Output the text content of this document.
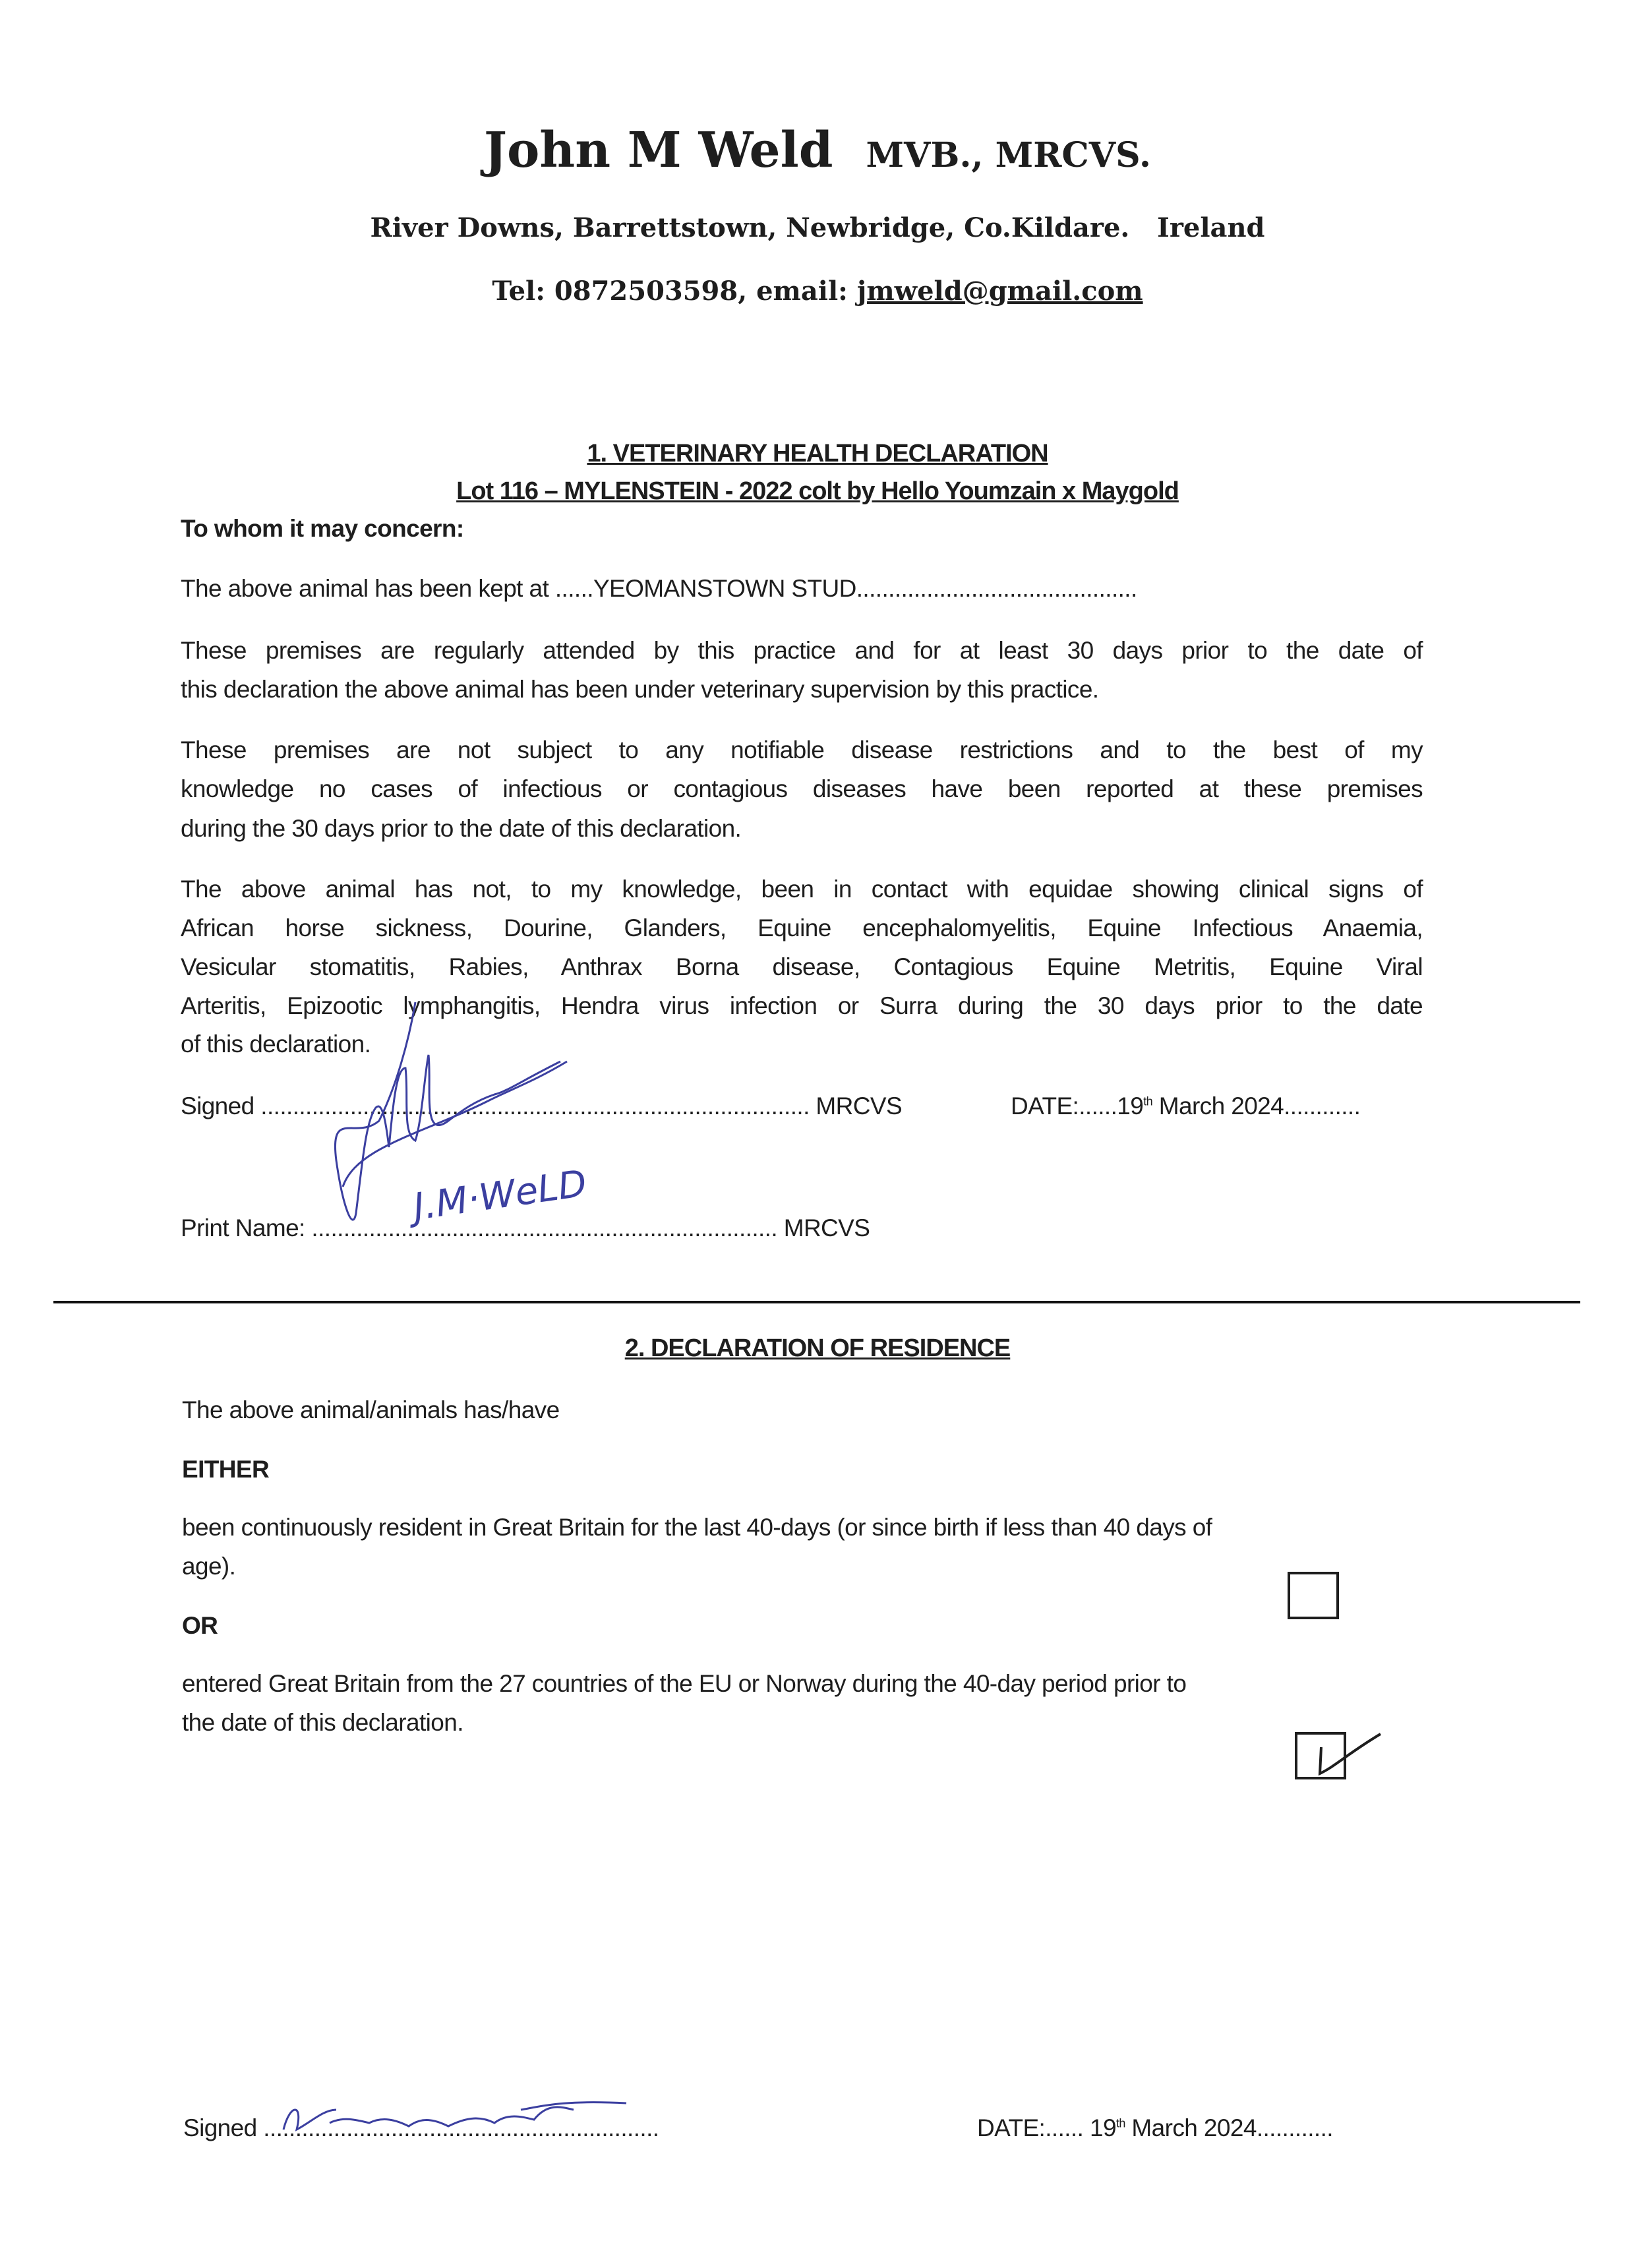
John M Weld MVB., MRCVS.
River Downs, Barrettstown, Newbridge, Co.Kildare.   Ireland
Tel: 0872503598, email: jmweld@gmail.com
1. VETERINARY HEALTH DECLARATION
Lot 116 – MYLENSTEIN - 2022 colt by Hello Youmzain x Maygold
To whom it may concern:
The above animal has been kept at ......YEOMANSTOWN STUD............................................
These premises are regularly attended by this practice and for at least 30 days prior to the date of
this declaration the above animal has been under veterinary supervision by this practice.
These premises are not subject to any notifiable disease restrictions and to the best of my
knowledge no cases of infectious or contagious diseases have been reported at these premises
during the 30 days prior to the date of this declaration.
The above animal has not, to my knowledge, been in contact with equidae showing clinical signs of
African horse sickness, Dourine, Glanders, Equine encephalomyelitis, Equine Infectious Anaemia,
Vesicular stomatitis, Rabies, Anthrax Borna disease, Contagious Equine Metritis, Equine Viral
Arteritis, Epizootic lymphangitis, Hendra virus infection or Surra during the 30 days prior to the date
of this declaration.
Signed ...................................................................................... MRCVS	DATE:......19th March 2024............
Print Name: ......................................................................... MRCVS
J.M·WeLD
2. DECLARATION OF RESIDENCE
The above animal/animals has/have
EITHER
been continuously resident in Great Britain for the last 40-days (or since birth if less than 40 days of
age).
OR
entered Great Britain from the 27 countries of the EU or Norway during the 40-day period prior to
the date of this declaration.
Signed ..............................................................	DATE:...... 19th March 2024............
